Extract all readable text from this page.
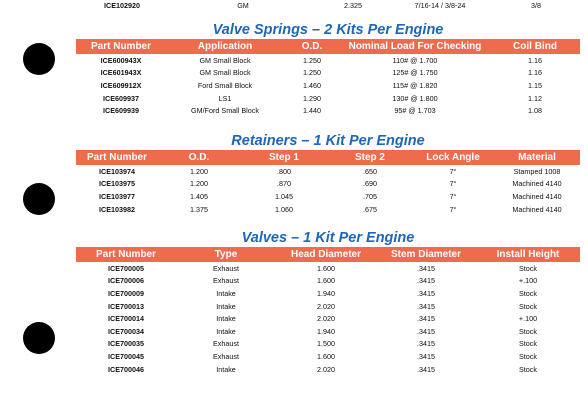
ICE102920	GM	2.325	7/16-14 / 3/8-24	3/8
Valve Springs – 2 Kits Per Engine
Part Number	Application	O.D.	Nominal Load For Checking	Coil Bind
ICE600943X	GM Small Block	1.250	110# @ 1.700	1.16
ICE601943X	GM Small Block	1.250	125# @ 1.750	1.16
ICE609912X	Ford Small Block	1.460	115# @ 1.820	1.15
ICE609937	LS1	1.290	130# @ 1.800	1.12
ICE609939	GM/Ford Small Block	1.440	95# @ 1.703	1.08
Retainers – 1 Kit Per Engine
Part Number	O.D.	Step 1	Step 2	Lock Angle	Material
ICE103974	1.200	.800	.650	7°	Stamped 1008
ICE103975	1.200	.870	.690	7°	Machined 4140
ICE103977	1.405	1.045	.705	7°	Machined 4140
ICE103982	1.375	1.060	.675	7°	Machined 4140
Valves – 1 Kit Per Engine
Part Number	Type	Head Diameter	Stem Diameter	Install Height
ICE700005	Exhaust	1.600	.3415	Stock
ICE700006	Exhaust	1.600	.3415	+.100
ICE700009	Intake	1.940	.3415	Stock
ICE700013	Intake	2.020	.3415	Stock
ICE700014	Intake	2.020	.3415	+.100
ICE700034	Intake	1.940	.3415	Stock
ICE700035	Exhaust	1.500	.3415	Stock
ICE700045	Exhaust	1.600	.3415	Stock
ICE700046	Intake	2.020	.3415	Stock
